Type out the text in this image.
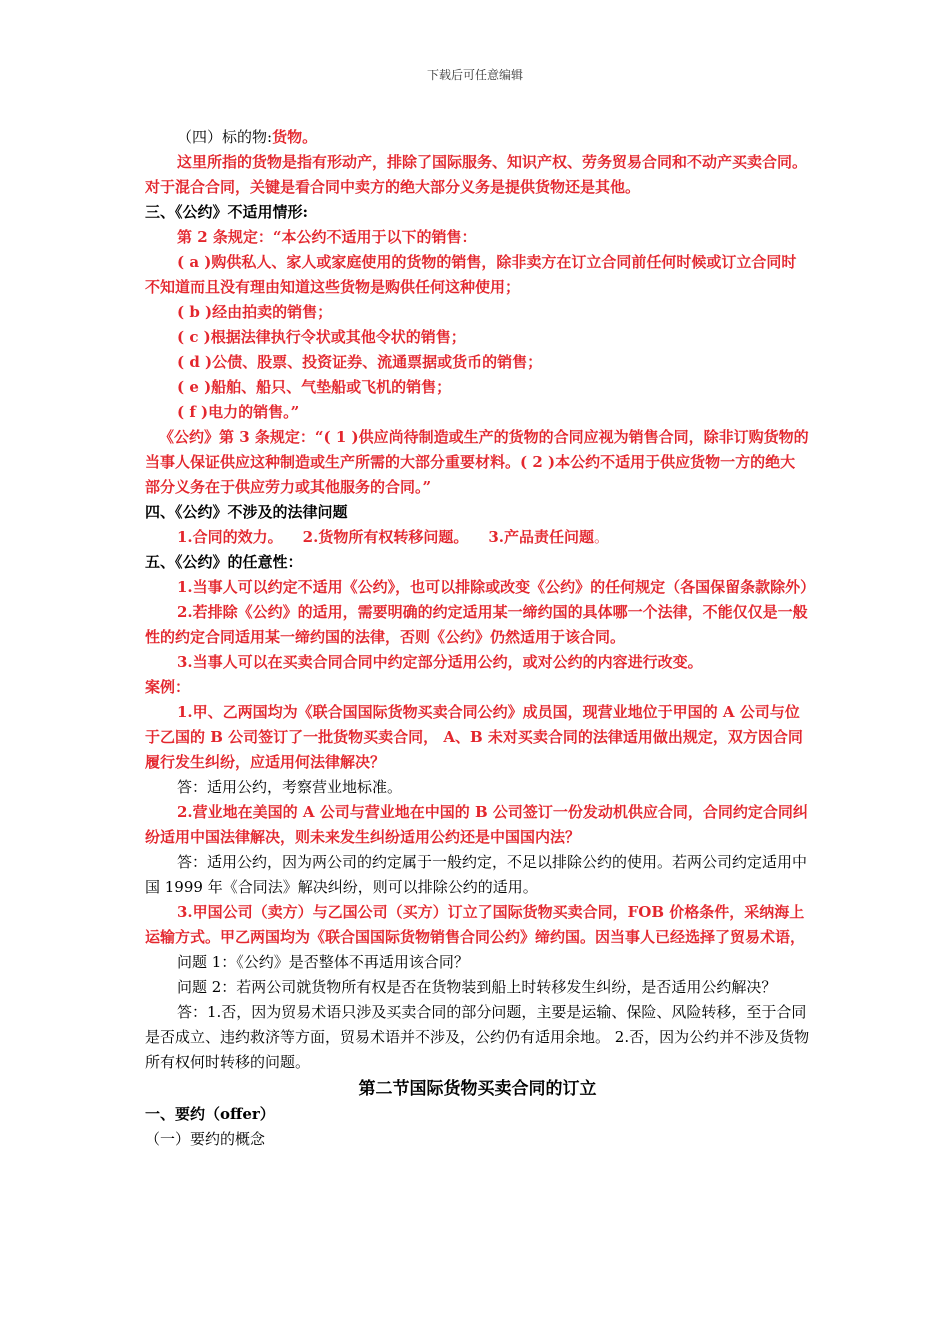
下载后可任意编辑

（四）标的物:货物。

这里所指的货物是指有形动产，排除了国际服务、知识产权、劳务贸易合同和不动产买卖合同。对于混合合同，关键是看合同中卖方的绝大部分义务是提供货物还是其他。

三、《公约》不适用情形:

第 2 条规定：“本公约不适用于以下的销售：

( a )购供私人、家人或家庭使用的货物的销售，除非卖方在订立合同前任何时候或订立合同时不知道而且没有理由知道这些货物是购供任何这种使用；

( b )经由拍卖的销售；

( c )根据法律执行令状或其他令状的销售；

( d )公债、股票、投资证券、流通票据或货币的销售；

( e )船舶、船只、气垫船或飞机的销售；

( f )电力的销售。”

《公约》第 3 条规定：“( 1 )供应尚待制造或生产的货物的合同应视为销售合同，除非订购货物的当事人保证供应这种制造或生产所需的大部分重要材料。( 2 )本公约不适用于供应货物一方的绝大部分义务在于供应劳力或其他服务的合同。”

四、《公约》不涉及的法律问题

1.合同的效力。 2.货物所有权转移问题。 3.产品责任问题。

五、《公约》的任意性：

1.当事人可以约定不适用《公约》，也可以排除或改变《公约》的任何规定（各国保留条款除外）

2.若排除《公约》的适用，需要明确的约定适用某一缔约国的具体哪一个法律，不能仅仅是一般性的约定合同适用某一缔约国的法律，否则《公约》仍然适用于该合同。

3.当事人可以在买卖合同合同中约定部分适用公约，或对公约的内容进行改变。

案例：

1.甲、乙两国均为《联合国国际货物买卖合同公约》成员国，现营业地位于甲国的 A 公司与位于乙国的 B 公司签订了一批货物买卖合同， A、B 未对买卖合同的法律适用做出规定，双方因合同履行发生纠纷，应适用何法律解决？

答：适用公约，考察营业地标准。

2.营业地在美国的 A 公司与营业地在中国的 B 公司签订一份发动机供应合同，合同约定合同纠纷适用中国法律解决，则未来发生纠纷适用公约还是中国国内法？

答：适用公约，因为两公司的约定属于一般约定，不足以排除公约的使用。若两公司约定适用中国 1999 年《合同法》解决纠纷，则可以排除公约的适用。

3.甲国公司（卖方）与乙国公司（买方）订立了国际货物买卖合同，FOB 价格条件，采纳海上运输方式。甲乙两国均为《联合国国际货物销售合同公约》缔约国。因当事人已经选择了贸易术语，

问题 1：《公约》是否整体不再适用该合同？

问题 2：若两公司就货物所有权是否在货物装到船上时转移发生纠纷，是否适用公约解决？

答：1.否，因为贸易术语只涉及买卖合同的部分问题，主要是运输、保险、风险转移，至于合同是否成立、违约救济等方面，贸易术语并不涉及，公约仍有适用余地。 2.否，因为公约并不涉及货物所有权何时转移的问题。

第二节国际货物买卖合同的订立

一、要约（offer）

（一）要约的概念
